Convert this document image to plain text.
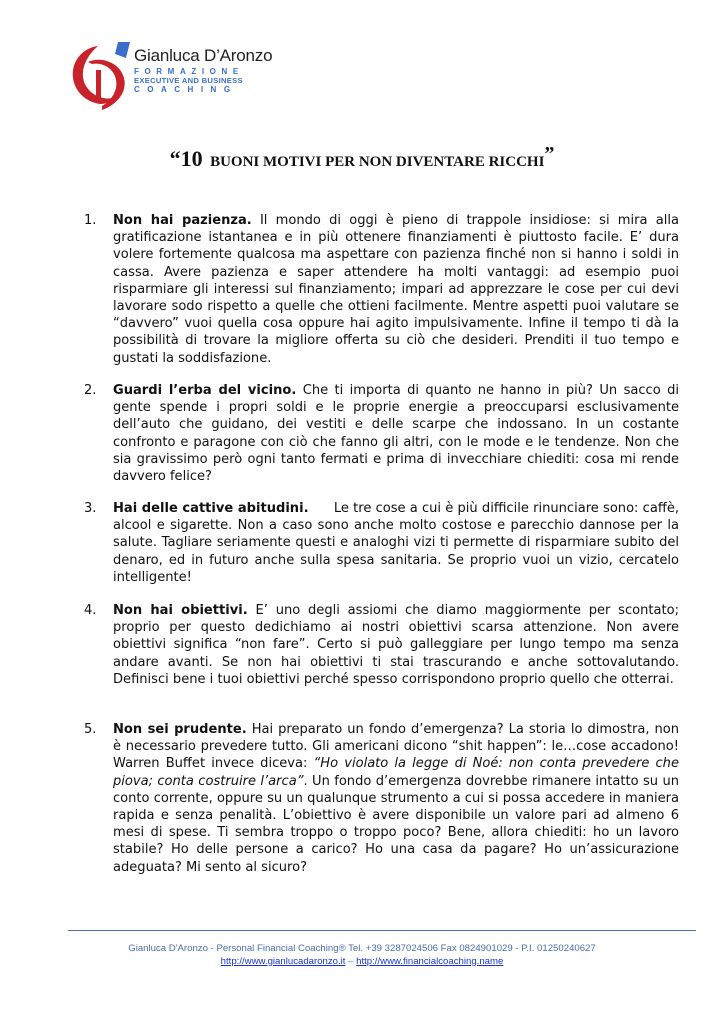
Gianluca D’Aronzo
FORMAZIONE
EXECUTIVE AND BUSINESS
COACHING
“10 BUONI MOTIVI PER NON DIVENTARE RICCHI”
1.	Non hai pazienza. Il mondo di oggi è pieno di trappole insidiose: si mira alla gratificazione istantanea e in più ottenere finanziamenti è piuttosto facile. E’ dura volere fortemente qualcosa ma aspettare con pazienza finché non si hanno i soldi in cassa. Avere pazienza e saper attendere ha molti vantaggi: ad esempio puoi risparmiare gli interessi sul finanziamento; impari ad apprezzare le cose per cui devi lavorare sodo rispetto a quelle che ottieni facilmente. Mentre aspetti puoi valutare se “davvero” vuoi quella cosa oppure hai agito impulsivamente. Infine il tempo ti dà la possibilità di trovare la migliore offerta su ciò che desideri. Prenditi il tuo tempo e gustati la soddisfazione.
2.	Guardi l’erba del vicino. Che ti importa di quanto ne hanno in più? Un sacco di gente spende i propri soldi e le proprie energie a preoccuparsi esclusivamente dell’auto che guidano, dei vestiti e delle scarpe che indossano. In un costante confronto e paragone con ciò che fanno gli altri, con le mode e le tendenze. Non che sia gravissimo però ogni tanto fermati e prima di invecchiare chiediti: cosa mi rende davvero felice?
3.	Hai delle cattive abitudini.      Le tre cose a cui è più difficile rinunciare sono: caffè, alcool e sigarette. Non a caso sono anche molto costose e parecchio dannose per la salute. Tagliare seriamente questi e analoghi vizi ti permette di risparmiare subito del denaro, ed in futuro anche sulla spesa sanitaria. Se proprio vuoi un vizio, cercatelo intelligente!
4.	Non hai obiettivi. E’ uno degli assiomi che diamo maggiormente per scontato; proprio per questo dedichiamo ai nostri obiettivi scarsa attenzione. Non avere obiettivi significa “non fare”. Certo si può galleggiare per lungo tempo ma senza andare avanti. Se non hai obiettivi ti stai trascurando e anche sottovalutando. Definisci bene i tuoi obiettivi perché spesso corrispondono proprio quello che otterrai.
5.	Non sei prudente. Hai preparato un fondo d’emergenza? La storia lo dimostra, non è necessario prevedere tutto. Gli americani dicono “shit happen”: le…cose accadono! Warren Buffet invece diceva: “Ho violato la legge di Noé: non conta prevedere che piova; conta costruire l’arca”. Un fondo d’emergenza dovrebbe rimanere intatto su un conto corrente, oppure su un qualunque strumento a cui si possa accedere in maniera rapida e senza penalità. L’obiettivo è avere disponibile un valore pari ad almeno 6 mesi di spese. Ti sembra troppo o troppo poco? Bene, allora chiediti: ho un lavoro stabile? Ho delle persone a carico? Ho una casa da pagare? Ho un’assicurazione adeguata? Mi sento al sicuro?
Gianluca D'Aronzo - Personal Financial Coaching® Tel. +39 3287024506 Fax 0824901029 - P.I. 01250240627
http://www.gianlucadaronzo.it – http://www.financialcoaching.name
